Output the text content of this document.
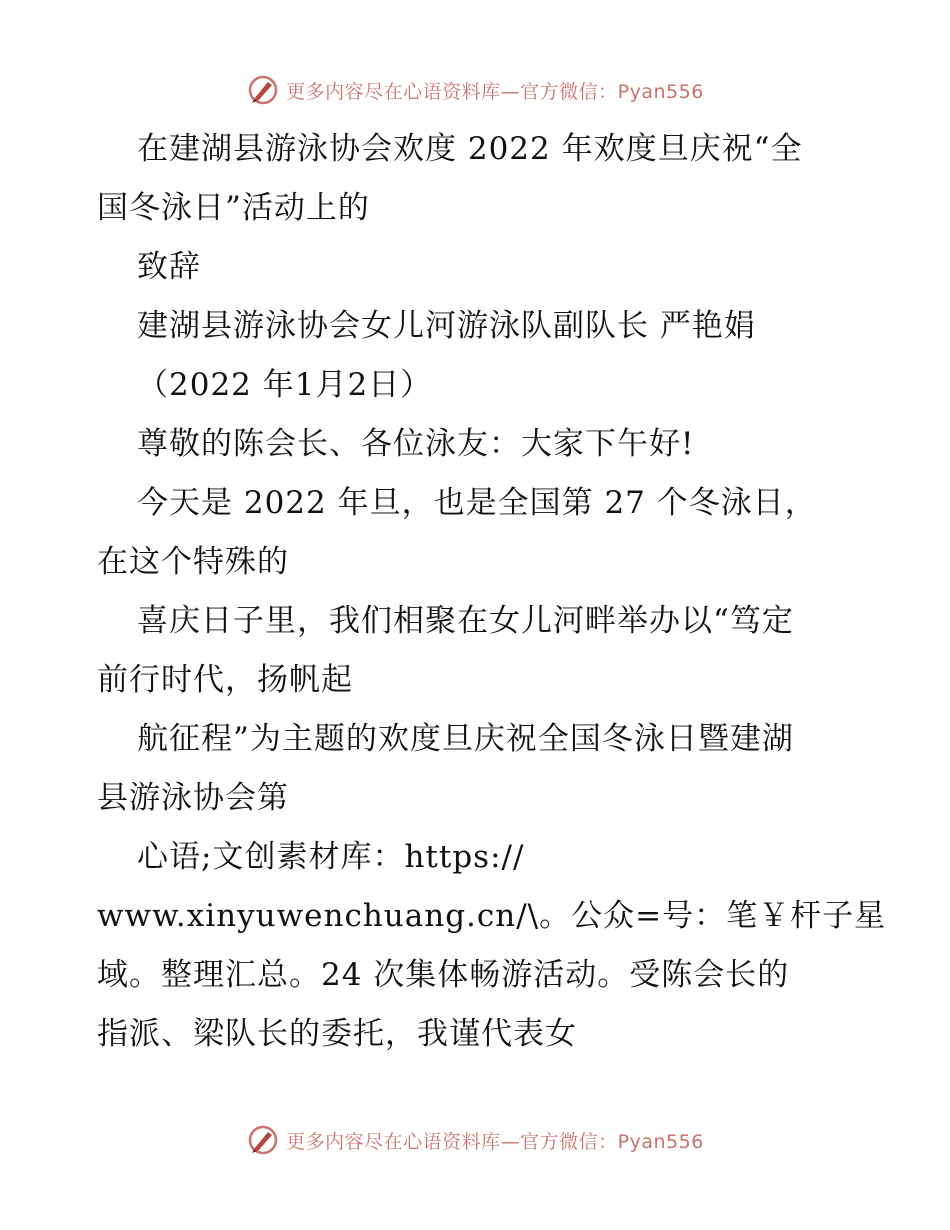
更多内容尽在心语资料库—官方微信：Pyan556
在建湖县游泳协会欢度 2022 年欢度旦庆祝“全
国冬泳日”活动上的
致辞
建湖县游泳协会女儿河游泳队副队长 严艳娟
（2022 年1月2日）
尊敬的陈会长、各位泳友：大家下午好!
今天是 2022 年旦，也是全国第 27 个冬泳日，
在这个特殊的
喜庆日子里，我们相聚在女儿河畔举办以“笃定
前行时代，扬帆起
航征程”为主题的欢度旦庆祝全国冬泳日暨建湖
县游泳协会第
心语;文创素材库：https://
www.xinyuwenchuang.cn/\。公众=号：笔￥杆子星
域。整理汇总。24 次集体畅游活动。受陈会长的
指派、梁队长的委托，我谨代表女
更多内容尽在心语资料库—官方微信：Pyan556
